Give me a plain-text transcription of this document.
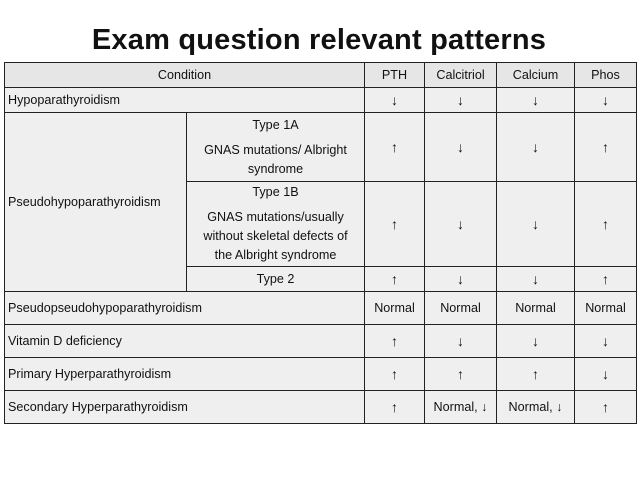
Exam question relevant patterns
Condition		PTH	Calcitriol	Calcium	Phos
Hypoparathyroidism		↓	↓	↓	↓
Pseudohypoparathyroidism	Type 1A
GNAS mutations/ Albright
syndrome	↑	↓	↓	↑

	Type 1B
GNAS mutations/usually
without skeletal defects of
the Albright syndrome	↑	↓	↓	↑
	Type 2	↑	↓	↓	↑
Pseudopseudohypoparathyroidism		Normal	Normal	Normal	Normal
Vitamin D deficiency		↑	↓	↓	↓
Primary Hyperparathyroidism		↑	↑	↑	↓
Secondary Hyperparathyroidism		↑	Normal, ↓	Normal, ↓	↑
